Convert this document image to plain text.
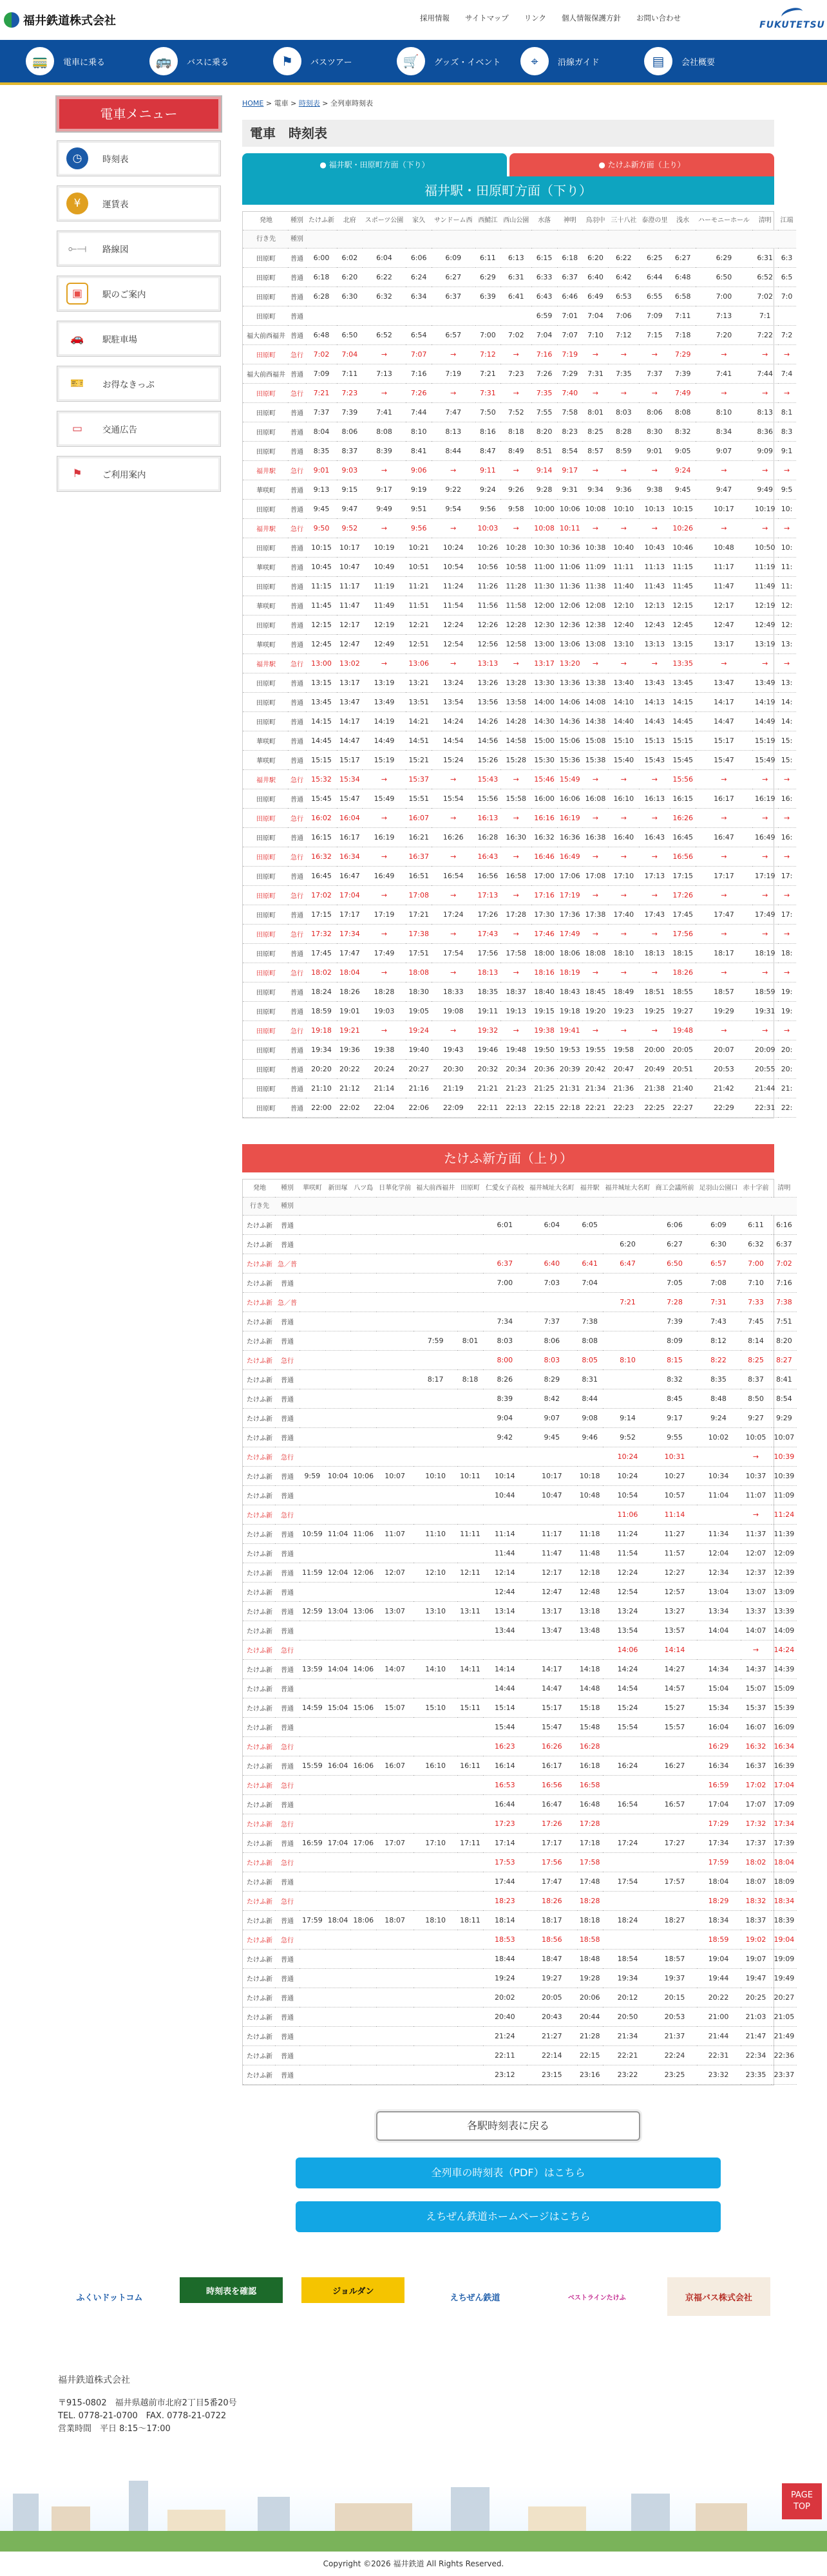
福井鉄道株式会社	採用情報	サイトマップ	リンク	個人情報保護方針	お問い合わせ
FUKUTETSU
🚃	電車に乗る	🚌	バスに乗る	⚑	バスツアー	🛒	グッズ・イベント	⌖	沿線ガイド	▤	会社概要
電車メニュー
◷	時刻表
¥	運賃表
⟜⟞ 路線図
▣	駅のご案内
🚗	駅駐車場
🎫	お得なきっぷ
▭	交通広告
⚑	ご利用案内
HOME > 電車 > 時刻表 > 全列車時刻表
電車　時刻表
● 福井駅・田原町方面（下り）	● たけふ新方面（上り）
福井駅・田原町方面（下り）
発地	種別	たけふ新	北府	スポーツ公園	家久	サンドーム西	西鯖江	西山公園	水落	神明	鳥羽中	三十八社	泰澄の里	浅水	ハーモニーホール	清明	江端
行き先	種別																
田原町	普通	6:00	6:02	6:04	6:06	6:09	6:11	6:13	6:15	6:18	6:20	6:22	6:25	6:27	6:29	6:31	6:3
田原町	普通	6:18	6:20	6:22	6:24	6:27	6:29	6:31	6:33	6:37	6:40	6:42	6:44	6:48	6:50	6:52	6:5
田原町	普通	6:28	6:30	6:32	6:34	6:37	6:39	6:41	6:43	6:46	6:49	6:53	6:55	6:58	7:00	7:02	7:0
田原町	普通								6:59	7:01	7:04	7:06	7:09	7:11	7:13	7:1	
福大前西福井	普通	6:48	6:50	6:52	6:54	6:57	7:00	7:02	7:04	7:07	7:10	7:12	7:15	7:18	7:20	7:22	7:2
田原町	急行	7:02	7:04	→	7:07	→	7:12	→	7:16	7:19	→	→	→	7:29	→	→	→
福大前西福井	普通	7:09	7:11	7:13	7:16	7:19	7:21	7:23	7:26	7:29	7:31	7:35	7:37	7:39	7:41	7:44	7:4
田原町	急行	7:21	7:23	→	7:26	→	7:31	→	7:35	7:40	→	→	→	7:49	→	→	→
田原町	普通	7:37	7:39	7:41	7:44	7:47	7:50	7:52	7:55	7:58	8:01	8:03	8:06	8:08	8:10	8:13	8:1
田原町	普通	8:04	8:06	8:08	8:10	8:13	8:16	8:18	8:20	8:23	8:25	8:28	8:30	8:32	8:34	8:36	8:3
田原町	普通	8:35	8:37	8:39	8:41	8:44	8:47	8:49	8:51	8:54	8:57	8:59	9:01	9:05	9:07	9:09	9:1
福井駅	急行	9:01	9:03	→	9:06	→	9:11	→	9:14	9:17	→	→	→	9:24	→	→	→
華咲町	普通	9:13	9:15	9:17	9:19	9:22	9:24	9:26	9:28	9:31	9:34	9:36	9:38	9:45	9:47	9:49	9:5
田原町	普通	9:45	9:47	9:49	9:51	9:54	9:56	9:58	10:00	10:06	10:08	10:10	10:13	10:15	10:17	10:19	10:
福井駅	急行	9:50	9:52	→	9:56	→	10:03	→	10:08	10:11	→	→	→	10:26	→	→	→
田原町	普通	10:15	10:17	10:19	10:21	10:24	10:26	10:28	10:30	10:36	10:38	10:40	10:43	10:46	10:48	10:50	10:
華咲町	普通	10:45	10:47	10:49	10:51	10:54	10:56	10:58	11:00	11:06	11:09	11:11	11:13	11:15	11:17	11:19	11:
田原町	普通	11:15	11:17	11:19	11:21	11:24	11:26	11:28	11:30	11:36	11:38	11:40	11:43	11:45	11:47	11:49	11:
華咲町	普通	11:45	11:47	11:49	11:51	11:54	11:56	11:58	12:00	12:06	12:08	12:10	12:13	12:15	12:17	12:19	12:
田原町	普通	12:15	12:17	12:19	12:21	12:24	12:26	12:28	12:30	12:36	12:38	12:40	12:43	12:45	12:47	12:49	12:
華咲町	普通	12:45	12:47	12:49	12:51	12:54	12:56	12:58	13:00	13:06	13:08	13:10	13:13	13:15	13:17	13:19	13:
福井駅	急行	13:00	13:02	→	13:06	→	13:13	→	13:17	13:20	→	→	→	13:35	→	→	→
田原町	普通	13:15	13:17	13:19	13:21	13:24	13:26	13:28	13:30	13:36	13:38	13:40	13:43	13:45	13:47	13:49	13:
田原町	普通	13:45	13:47	13:49	13:51	13:54	13:56	13:58	14:00	14:06	14:08	14:10	14:13	14:15	14:17	14:19	14:
田原町	普通	14:15	14:17	14:19	14:21	14:24	14:26	14:28	14:30	14:36	14:38	14:40	14:43	14:45	14:47	14:49	14:
華咲町	普通	14:45	14:47	14:49	14:51	14:54	14:56	14:58	15:00	15:06	15:08	15:10	15:13	15:15	15:17	15:19	15:
華咲町	普通	15:15	15:17	15:19	15:21	15:24	15:26	15:28	15:30	15:36	15:38	15:40	15:43	15:45	15:47	15:49	15:
福井駅	急行	15:32	15:34	→	15:37	→	15:43	→	15:46	15:49	→	→	→	15:56	→	→	→
田原町	普通	15:45	15:47	15:49	15:51	15:54	15:56	15:58	16:00	16:06	16:08	16:10	16:13	16:15	16:17	16:19	16:
田原町	急行	16:02	16:04	→	16:07	→	16:13	→	16:16	16:19	→	→	→	16:26	→	→	→
田原町	普通	16:15	16:17	16:19	16:21	16:26	16:28	16:30	16:32	16:36	16:38	16:40	16:43	16:45	16:47	16:49	16:
田原町	急行	16:32	16:34	→	16:37	→	16:43	→	16:46	16:49	→	→	→	16:56	→	→	→
田原町	普通	16:45	16:47	16:49	16:51	16:54	16:56	16:58	17:00	17:06	17:08	17:10	17:13	17:15	17:17	17:19	17:
田原町	急行	17:02	17:04	→	17:08	→	17:13	→	17:16	17:19	→	→	→	17:26	→	→	→
田原町	普通	17:15	17:17	17:19	17:21	17:24	17:26	17:28	17:30	17:36	17:38	17:40	17:43	17:45	17:47	17:49	17:
田原町	急行	17:32	17:34	→	17:38	→	17:43	→	17:46	17:49	→	→	→	17:56	→	→	→
田原町	普通	17:45	17:47	17:49	17:51	17:54	17:56	17:58	18:00	18:06	18:08	18:10	18:13	18:15	18:17	18:19	18:
田原町	急行	18:02	18:04	→	18:08	→	18:13	→	18:16	18:19	→	→	→	18:26	→	→	→
田原町	普通	18:24	18:26	18:28	18:30	18:33	18:35	18:37	18:40	18:43	18:45	18:49	18:51	18:55	18:57	18:59	19:
田原町	普通	18:59	19:01	19:03	19:05	19:08	19:11	19:13	19:15	19:18	19:20	19:23	19:25	19:27	19:29	19:31	19:
田原町	急行	19:18	19:21	→	19:24	→	19:32	→	19:38	19:41	→	→	→	19:48	→	→	→
田原町	普通	19:34	19:36	19:38	19:40	19:43	19:46	19:48	19:50	19:53	19:55	19:58	20:00	20:05	20:07	20:09	20:
田原町	普通	20:20	20:22	20:24	20:27	20:30	20:32	20:34	20:36	20:39	20:42	20:47	20:49	20:51	20:53	20:55	20:
田原町	普通	21:10	21:12	21:14	21:16	21:19	21:21	21:23	21:25	21:31	21:34	21:36	21:38	21:40	21:42	21:44	21:
田原町	普通	22:00	22:02	22:04	22:06	22:09	22:11	22:13	22:15	22:18	22:21	22:23	22:25	22:27	22:29	22:31	22:
たけふ新方面（上り）
発地	種別	華咲町	新田塚	八ツ島	日華化学前	福大前西福井	田原町	仁愛女子高校	福井城址大名町	福井駅	福井城址大名町	商工会議所前	足羽山公園口	赤十字前	清明
行き先	種別														
たけふ新	普通							6:01	6:04	6:05		6:06	6:09	6:11	6:16
たけふ新	普通										6:20	6:27	6:30	6:32	6:37
たけふ新	急／普							6:37	6:40	6:41	6:47	6:50	6:57	7:00	7:02
たけふ新	普通							7:00	7:03	7:04		7:05	7:08	7:10	7:16
たけふ新	急／普										7:21	7:28	7:31	7:33	7:38
たけふ新	普通							7:34	7:37	7:38		7:39	7:43	7:45	7:51
たけふ新	普通					7:59	8:01	8:03	8:06	8:08		8:09	8:12	8:14	8:20
たけふ新	急行							8:00	8:03	8:05	8:10	8:15	8:22	8:25	8:27
たけふ新	普通					8:17	8:18	8:26	8:29	8:31		8:32	8:35	8:37	8:41
たけふ新	普通							8:39	8:42	8:44		8:45	8:48	8:50	8:54
たけふ新	普通							9:04	9:07	9:08	9:14	9:17	9:24	9:27	9:29
たけふ新	普通							9:42	9:45	9:46	9:52	9:55	10:02	10:05	10:07
たけふ新	急行										10:24	10:31		→	10:39
たけふ新	普通	9:59	10:04	10:06	10:07	10:10	10:11	10:14	10:17	10:18	10:24	10:27	10:34	10:37	10:39
たけふ新	普通							10:44	10:47	10:48	10:54	10:57	11:04	11:07	11:09
たけふ新	急行										11:06	11:14		→	11:24
たけふ新	普通	10:59	11:04	11:06	11:07	11:10	11:11	11:14	11:17	11:18	11:24	11:27	11:34	11:37	11:39
たけふ新	普通							11:44	11:47	11:48	11:54	11:57	12:04	12:07	12:09
たけふ新	普通	11:59	12:04	12:06	12:07	12:10	12:11	12:14	12:17	12:18	12:24	12:27	12:34	12:37	12:39
たけふ新	普通							12:44	12:47	12:48	12:54	12:57	13:04	13:07	13:09
たけふ新	普通	12:59	13:04	13:06	13:07	13:10	13:11	13:14	13:17	13:18	13:24	13:27	13:34	13:37	13:39
たけふ新	普通							13:44	13:47	13:48	13:54	13:57	14:04	14:07	14:09
たけふ新	急行										14:06	14:14		→	14:24
たけふ新	普通	13:59	14:04	14:06	14:07	14:10	14:11	14:14	14:17	14:18	14:24	14:27	14:34	14:37	14:39
たけふ新	普通							14:44	14:47	14:48	14:54	14:57	15:04	15:07	15:09
たけふ新	普通	14:59	15:04	15:06	15:07	15:10	15:11	15:14	15:17	15:18	15:24	15:27	15:34	15:37	15:39
たけふ新	普通							15:44	15:47	15:48	15:54	15:57	16:04	16:07	16:09
たけふ新	急行							16:23	16:26	16:28			16:29	16:32	16:34
たけふ新	普通	15:59	16:04	16:06	16:07	16:10	16:11	16:14	16:17	16:18	16:24	16:27	16:34	16:37	16:39
たけふ新	急行							16:53	16:56	16:58			16:59	17:02	17:04
たけふ新	普通							16:44	16:47	16:48	16:54	16:57	17:04	17:07	17:09
たけふ新	急行							17:23	17:26	17:28			17:29	17:32	17:34
たけふ新	普通	16:59	17:04	17:06	17:07	17:10	17:11	17:14	17:17	17:18	17:24	17:27	17:34	17:37	17:39
たけふ新	急行							17:53	17:56	17:58			17:59	18:02	18:04
たけふ新	普通							17:44	17:47	17:48	17:54	17:57	18:04	18:07	18:09
たけふ新	急行							18:23	18:26	18:28			18:29	18:32	18:34
たけふ新	普通	17:59	18:04	18:06	18:07	18:10	18:11	18:14	18:17	18:18	18:24	18:27	18:34	18:37	18:39
たけふ新	急行							18:53	18:56	18:58			18:59	19:02	19:04
たけふ新	普通							18:44	18:47	18:48	18:54	18:57	19:04	19:07	19:09
たけふ新	普通							19:24	19:27	19:28	19:34	19:37	19:44	19:47	19:49
たけふ新	普通							20:02	20:05	20:06	20:12	20:15	20:22	20:25	20:27
たけふ新	普通							20:40	20:43	20:44	20:50	20:53	21:00	21:03	21:05
たけふ新	普通							21:24	21:27	21:28	21:34	21:37	21:44	21:47	21:49
たけふ新	普通							22:11	22:14	22:15	22:21	22:24	22:31	22:34	22:36
たけふ新	普通							23:12	23:15	23:16	23:22	23:25	23:32	23:35	23:37
各駅時刻表に戻る
全列車の時刻表（PDF）はこちら
えちぜん鉄道ホームページはこちら
ふくいドットコム
時刻表を確認	ジョルダン
えちぜん鉄道	ベストラインたけふ	京福バス株式会社
福井鉄道株式会社
〒915-0802　福井県越前市北府2丁目5番20号
TEL. 0778-21-0700　FAX. 0778-21-0722
営業時間　平日 8:15〜17:00
PAGE TOP
Copyright ©2026 福井鉄道 All Rights Reserved.
